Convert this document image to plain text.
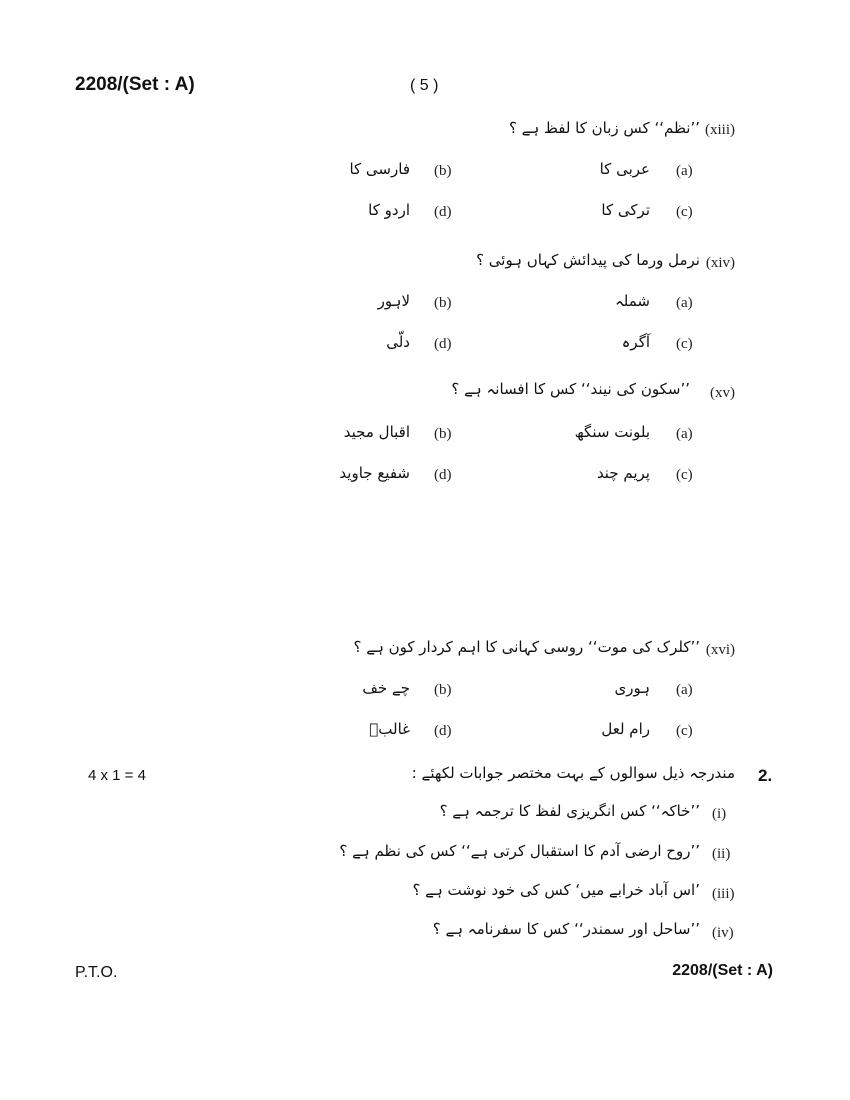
2208/(Set : A)	( 5 )
(xiii)
’’نظم‘‘ کس زبان کا لفظ ہے ؟
(a)
عربی کا
(b)
فارسی کا
(c)
ترکی کا
(d)
اردو کا
(xiv)
نرمل ورما کی پیدائش کہاں ہوئی ؟
(a)
شملہ
(b)
لاہور
(c)
آگرہ
(d)
دلّی
(xv)
’’سکون کی نیند‘‘ کس کا افسانہ ہے ؟
(a)
بلونت سنگھ
(b)
اقبال مجید
(c)
پریم چند
(d)
شفیع جاوید
(xvi)
’’کلرک کی موت‘‘ روسی کہانی کا اہم کردار کون ہے ؟
(a)
ہوری
(b)
چے خف
(c)
رام لعل
(d)
غالبؔ
4 x 1 = 4	2.
مندرجہ ذیل سوالوں کے بہت مختصر جوابات لکھئے :
(i)
’’خاکہ‘‘ کس انگریزی لفظ کا ترجمہ ہے ؟
(ii)
’’روح ارضی آدم کا استقبال کرتی ہے‘‘ کس کی نظم ہے ؟
(iii)
’اس آباد خرابے میں‘ کس کی خود نوشت ہے ؟
(iv)
’’ساحل اور سمندر‘‘ کس کا سفرنامہ ہے ؟
P.T.O.	2208/(Set : A)
